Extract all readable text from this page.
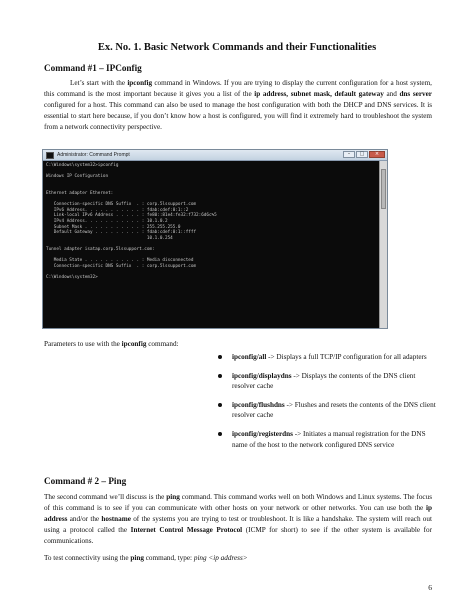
Ex. No. 1. Basic Network Commands and their Functionalities
Command #1 – IPConfig

Let’s start with the ipconfig command in Windows. If you are trying to display the current configuration for a host system, this command is the most important because it gives you a list of the ip address, subnet mask, default gateway and dns server configured for a host. This command can also be used to manage the host configuration with both the DHCP and DNS services. It is essential to start here because, if you don’t know how a host is configured, you will find it extremely hard to troubleshoot the system from a network connectivity perspective.

Administrator: Command Prompt	–	□	×
C:\Windows\system32>ipconfig
Windows IP Configuration
Ethernet adapter Ethernet:
Connection-specific DNS Suffix  . : corp.5lssupport.com
IPv6 Address. . . . . . . . . . . : fdab:cdef:0:1::2
Link-local IPv6 Address . . . . . : fe80::81e4:fe32:f732:6d6c%5
IPv4 Address. . . . . . . . . . . : 10.1.0.2
Subnet Mask . . . . . . . . . . . : 255.255.255.0
Default Gateway . . . . . . . . . : fdab:cdef:0:1::ffff
10.1.0.254
Tunnel adapter isatap.corp.5lssupport.com:
Media State . . . . . . . . . . . : Media disconnected
Connection-specific DNS Suffix  . : corp.5lssupport.com
C:\Windows\system32>

Parameters to use with the ipconfig command:

ipconfig/all -> Displays a full TCP/IP configuration for all adapters
ipconfig/displaydns -> Displays the contents of the DNS client resolver cache
ipconfig/flushdns -> Flushes and resets the contents of the DNS client resolver cache
ipconfig/registerdns -> Initiates a manual registration for the DNS name of the host to the network configured DNS service
Command # 2 – Ping

The second command we’ll discuss is the ping command. This command works well on both Windows and Linux systems. The focus of this command is to see if you can communicate with other hosts on your network or other networks. You can use both the ip address and/or the hostname of the systems you are trying to test or troubleshoot. It is like a handshake. The system will reach out using a protocol called the Internet Control Message Protocol (ICMP for short) to see if the other system is available for communications.

To test connectivity using the ping command, type: ping <ip address>

6
